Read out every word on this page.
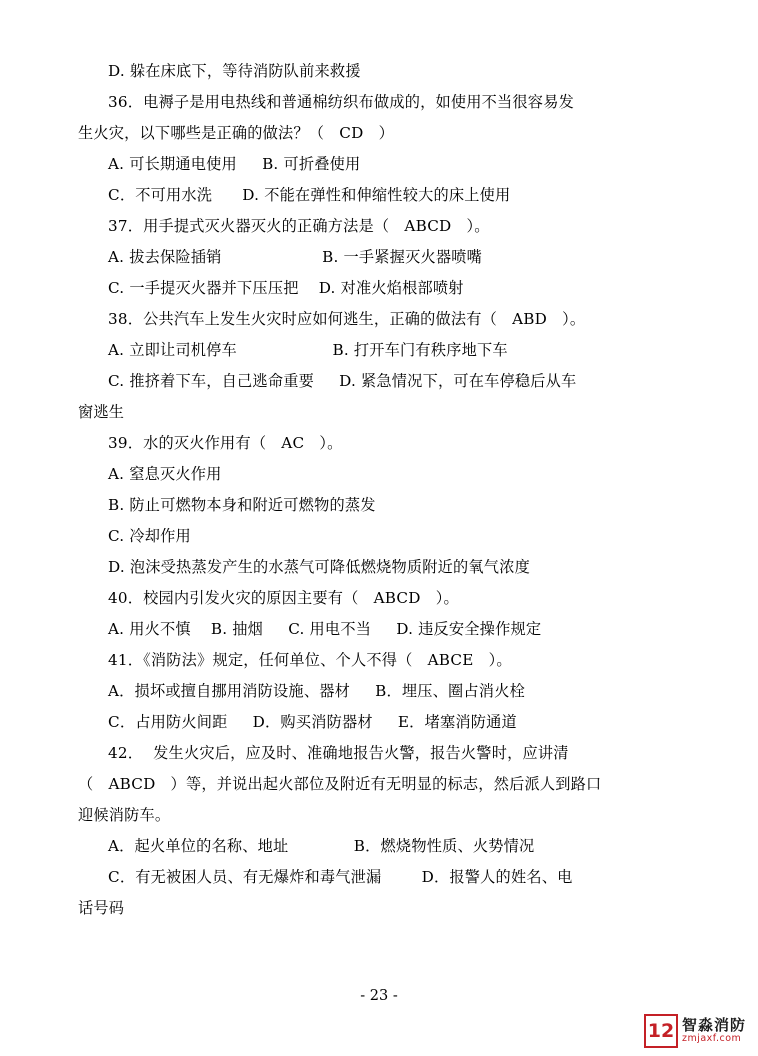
D. 躲在床底下，等待消防队前来救援

36．电褥子是用电热线和普通棉纺织布做成的，如使用不当很容易发

生火灾，以下哪些是正确的做法？（   CD   ）

A. 可长期通电使用     B. 可折叠使用

C．不可用水洗      D. 不能在弹性和伸缩性较大的床上使用

37．用手提式灭火器灭火的正确方法是（   ABCD   ）。

A. 拔去保险插销                    B. 一手紧握灭火器喷嘴

C. 一手提灭火器并下压压把    D. 对准火焰根部喷射

38．公共汽车上发生火灾时应如何逃生，正确的做法有（   ABD   ）。

A. 立即让司机停车                   B. 打开车门有秩序地下车

C. 推挤着下车，自己逃命重要     D. 紧急情况下，可在车停稳后从车

窗逃生

39．水的灭火作用有（   AC   ）。

A. 窒息灭火作用

B. 防止可燃物本身和附近可燃物的蒸发

C. 冷却作用

D. 泡沫受热蒸发产生的水蒸气可降低燃烧物质附近的氧气浓度

40．校园内引发火灾的原因主要有（   ABCD   ）。

A. 用火不慎    B. 抽烟     C. 用电不当     D. 违反安全操作规定

41．《消防法》规定，任何单位、个人不得（   ABCE   ）。

A．损坏或擅自挪用消防设施、器材     B．埋压、圈占消火栓

C．占用防火间距     D．购买消防器材     E．堵塞消防通道

42．  发生火灾后，应及时、准确地报告火警，报告火警时，应讲清

（   ABCD   ）等，并说出起火部位及附近有无明显的标志，然后派人到路口

迎候消防车。

A．起火单位的名称、地址             B．燃烧物性质、火势情况

C．有无被困人员、有无爆炸和毒气泄漏        D．报警人的姓名、电

话号码

- 23 -
12 智淼消防
zmjaxf.com
